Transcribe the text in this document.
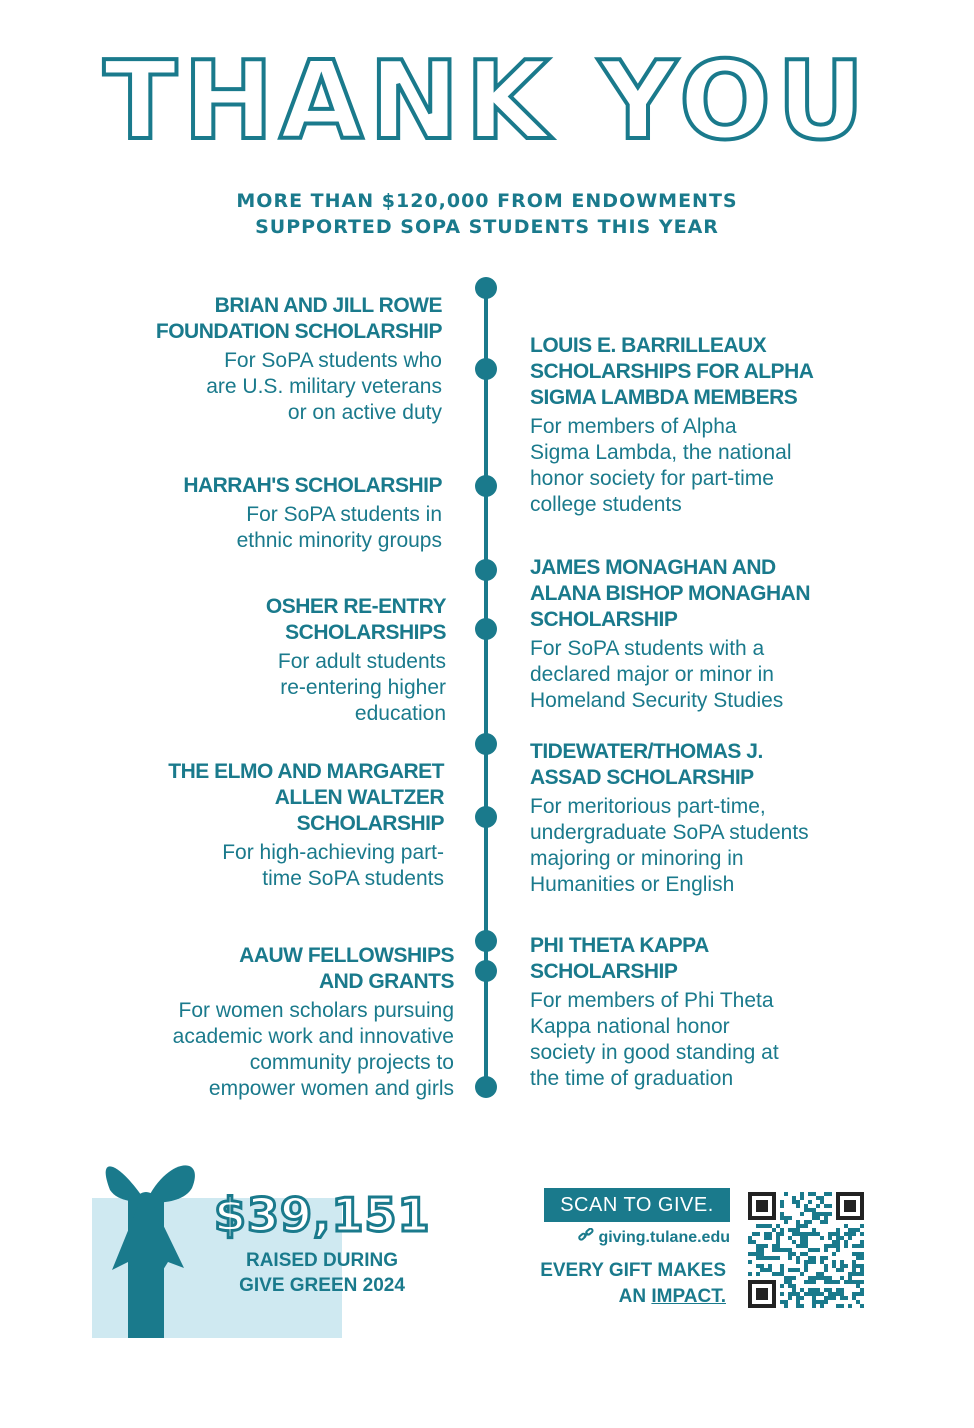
THANK YOU
MORE THAN $120,000 FROM ENDOWMENTS
SUPPORTED SOPA STUDENTS THIS YEAR
BRIAN AND JILL ROWE
FOUNDATION SCHOLARSHIP
For SoPA students who
are U.S. military veterans
or on active duty
HARRAH'S SCHOLARSHIP
For SoPA students in
ethnic minority groups
OSHER RE-ENTRY
SCHOLARSHIPS
For adult students
re-entering higher
education
THE ELMO AND MARGARET
ALLEN WALTZER
SCHOLARSHIP
For high-achieving part-
time SoPA students
AAUW FELLOWSHIPS
AND GRANTS
For women scholars pursuing
academic work and innovative
community projects to
empower women and girls
LOUIS E. BARRILLEAUX
SCHOLARSHIPS FOR ALPHA
SIGMA LAMBDA MEMBERS
For members of Alpha
Sigma Lambda, the national
honor society for part-time
college students
JAMES MONAGHAN AND
ALANA BISHOP MONAGHAN
SCHOLARSHIP
For SoPA students with a
declared major or minor in
Homeland Security Studies
TIDEWATER/THOMAS J.
ASSAD SCHOLARSHIP
For meritorious part-time,
undergraduate SoPA students
majoring or minoring in
Humanities or English
PHI THETA KAPPA
SCHOLARSHIP
For members of Phi Theta
Kappa national honor
society in good standing at
the time of graduation
$39,151
RAISED DURING
GIVE GREEN 2024
SCAN TO GIVE.
giving.tulane.edu
EVERY GIFT MAKES
AN IMPACT.
